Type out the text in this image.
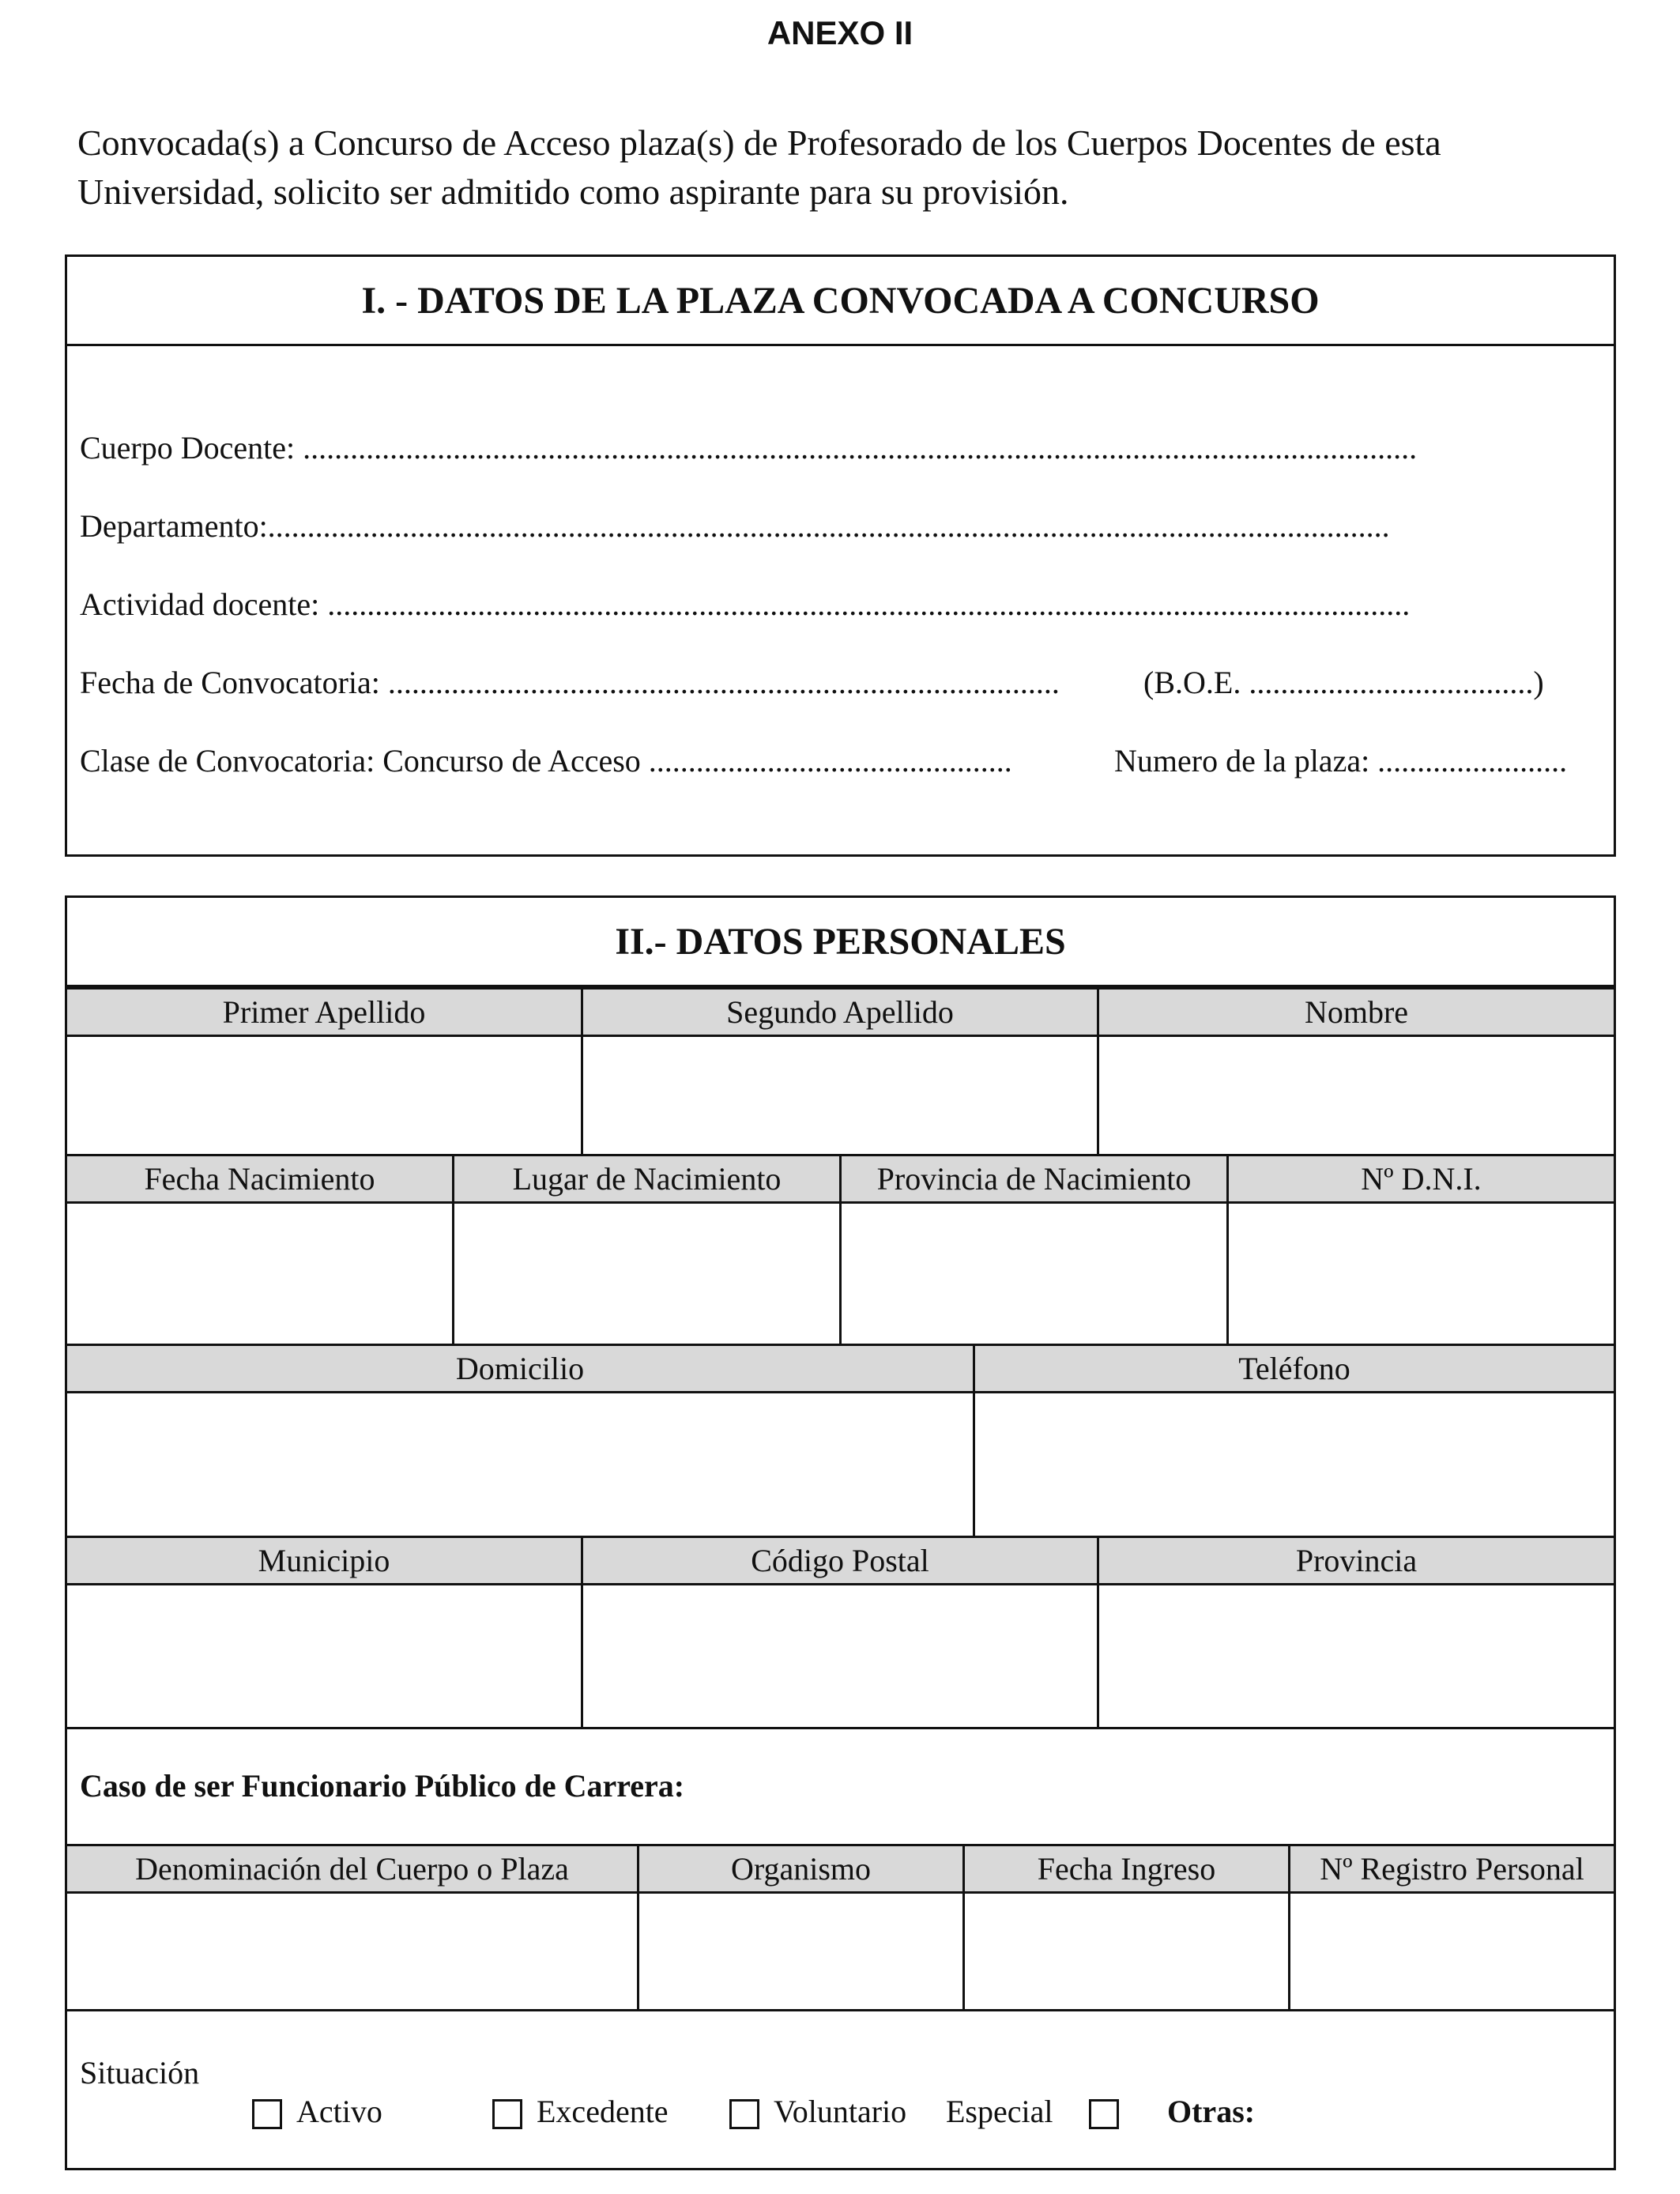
ANEXO II

Convocada(s) a Concurso de Acceso plaza(s) de Profesorado de los Cuerpos Docentes de esta

Universidad, solicito ser admitido como aspirante para su provisión.

I. - DATOS DE LA PLAZA CONVOCADA A CONCURSO
Cuerpo Docente: .............................................................................................................................................
Departamento:..............................................................................................................................................
Actividad docente: .........................................................................................................................................
Fecha de Convocatoria: .....................................................................................	(B.O.E. ....................................)
Clase de Convocatoria: Concurso de Acceso ..............................................	Numero de la plaza: ........................
II.- DATOS PERSONALES
Primer Apellido	Segundo Apellido	Nombre
Fecha Nacimiento	Lugar de Nacimiento	Provincia de Nacimiento	Nº D.N.I.
Domicilio	Teléfono
Municipio	Código Postal	Provincia
Caso de ser Funcionario Público de Carrera:
Denominación del Cuerpo o Plaza	Organismo	Fecha Ingreso	Nº Registro Personal
Situación
Activo	Excedente	Voluntario Especial	Otras:
